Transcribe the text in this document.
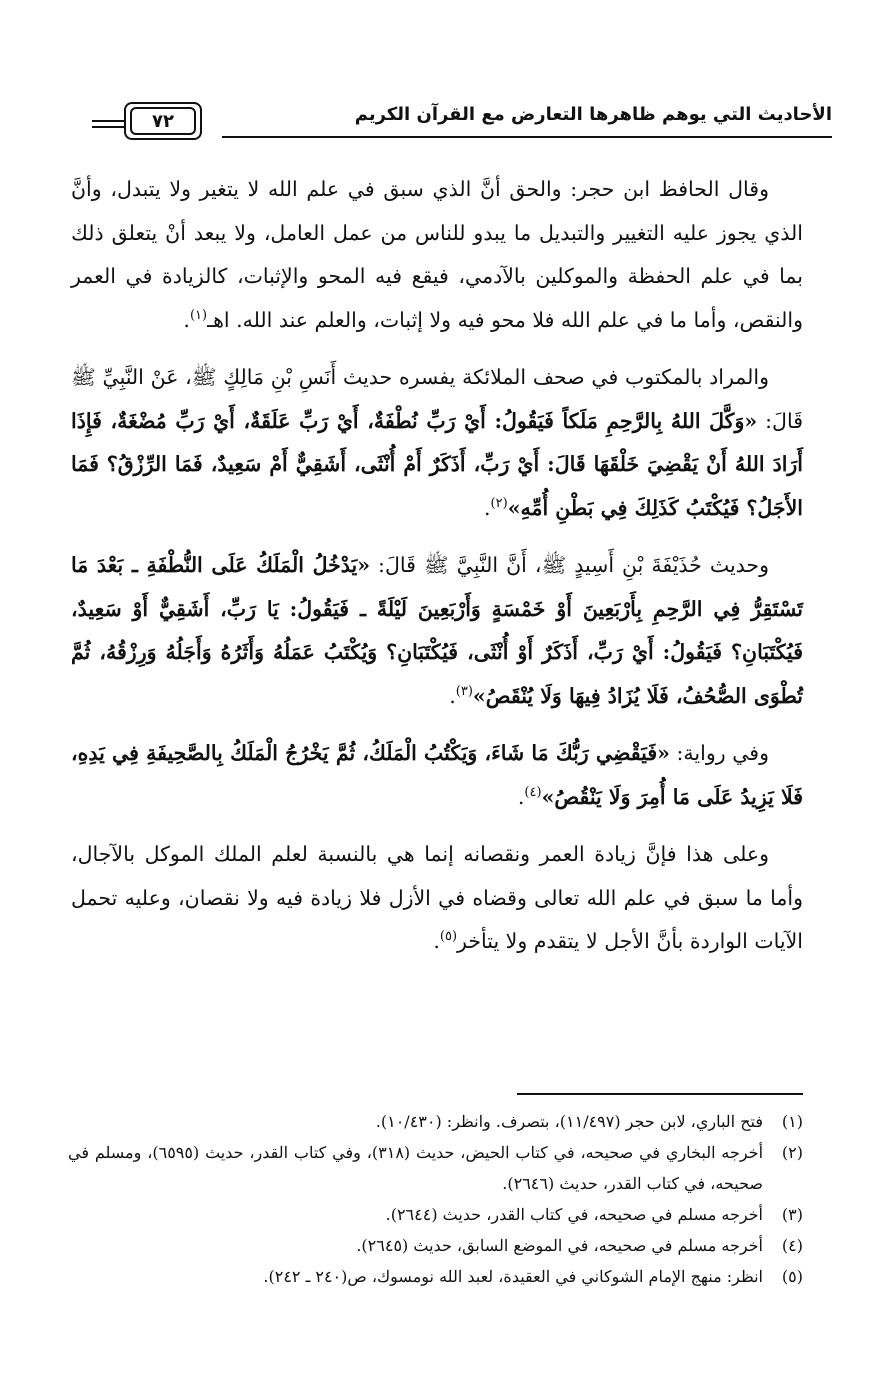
الأحاديث التي يوهم ظاهرها التعارض مع القرآن الكريم
٧٢
وقال الحافظ ابن حجر: والحق أنَّ الذي سبق في علم الله لا يتغير ولا يتبدل، وأنَّ الذي يجوز عليه التغيير والتبديل ما يبدو للناس من عمل العامل، ولا يبعد أنْ يتعلق ذلك بما في علم الحفظة والموكلين بالآدمي، فيقع فيه المحو والإثبات، كالزيادة في العمر والنقص، وأما ما في علم الله فلا محو فيه ولا إثبات، والعلم عند الله. اهـ$^{(١)}$.
والمراد بالمكتوب في صحف الملائكة يفسره حديث أَنَسِ بْنِ مَالِكٍ ﷺ، عَنْ النَّبِيِّ ﷺ قَالَ: «وَكَّلَ اللهُ بِالرَّحِمِ مَلَكاً فَيَقُولُ: أَيْ رَبِّ نُطْفَةٌ، أَيْ رَبِّ عَلَقَةٌ، أَيْ رَبِّ مُضْغَةٌ، فَإِذَا أَرَادَ اللهُ أَنْ يَقْضِيَ خَلْقَهَا قَالَ: أَيْ رَبِّ، أَذَكَرٌ أَمْ أُنْثَى، أَشَقِيٌّ أَمْ سَعِيدٌ، فَمَا الرِّزْقُ؟ فَمَا الأَجَلُ؟ فَيُكْتَبُ كَذَلِكَ فِي بَطْنِ أُمِّهِ»$^{(٢)}$.
وحديث حُذَيْفَةَ بْنِ أَسِيدٍ ﷺ، أَنَّ النَّبِيَّ ﷺ قَالَ: «يَدْخُلُ الْمَلَكُ عَلَى النُّطْفَةِ ـ بَعْدَ مَا تَسْتَقِرُّ فِي الرَّحِمِ بِأَرْبَعِينَ أَوْ خَمْسَةٍ وَأَرْبَعِينَ لَيْلَةً ـ فَيَقُولُ: يَا رَبِّ، أَشَقِيٌّ أَوْ سَعِيدٌ، فَيُكْتَبَانِ؟ فَيَقُولُ: أَيْ رَبِّ، أَذَكَرٌ أَوْ أُنْثَى، فَيُكْتَبَانِ؟ وَيُكْتَبُ عَمَلُهُ وَأَثَرُهُ وَأَجَلُهُ وَرِزْقُهُ، ثُمَّ تُطْوَى الصُّحُفُ، فَلَا يُزَادُ فِيهَا وَلَا يُنْقَصُ»$^{(٣)}$.
وفي رواية: «فَيَقْضِي رَبُّكَ مَا شَاءَ، وَيَكْتُبُ الْمَلَكُ، ثُمَّ يَخْرُجُ الْمَلَكُ بِالصَّحِيفَةِ فِي يَدِهِ، فَلَا يَزِيدُ عَلَى مَا أُمِرَ وَلَا يَنْقُصُ»$^{(٤)}$.
وعلى هذا فإنَّ زيادة العمر ونقصانه إنما هي بالنسبة لعلم الملك الموكل بالآجال، وأما ما سبق في علم الله تعالى وقضاه في الأزل فلا زيادة فيه ولا نقصان، وعليه تحمل الآيات الواردة بأنَّ الأجل لا يتقدم ولا يتأخر$^{(٥)}$.
(١)
فتح الباري، لابن حجر (١١/٤٩٧)، بتصرف. وانظر: (١٠/٤٣٠).
(٢)
أخرجه البخاري في صحيحه، في كتاب الحيض، حديث (٣١٨)، وفي كتاب القدر، حديث (٦٥٩٥)، ومسلم في صحيحه، في كتاب القدر، حديث (٢٦٤٦).
(٣)
أخرجه مسلم في صحيحه، في كتاب القدر، حديث (٢٦٤٤).
(٤)
أخرجه مسلم في صحيحه، في الموضع السابق، حديث (٢٦٤٥).
(٥)
انظر: منهج الإمام الشوكاني في العقيدة، لعبد الله نومسوك، ص(٢٤٠ ـ ٢٤٢).
